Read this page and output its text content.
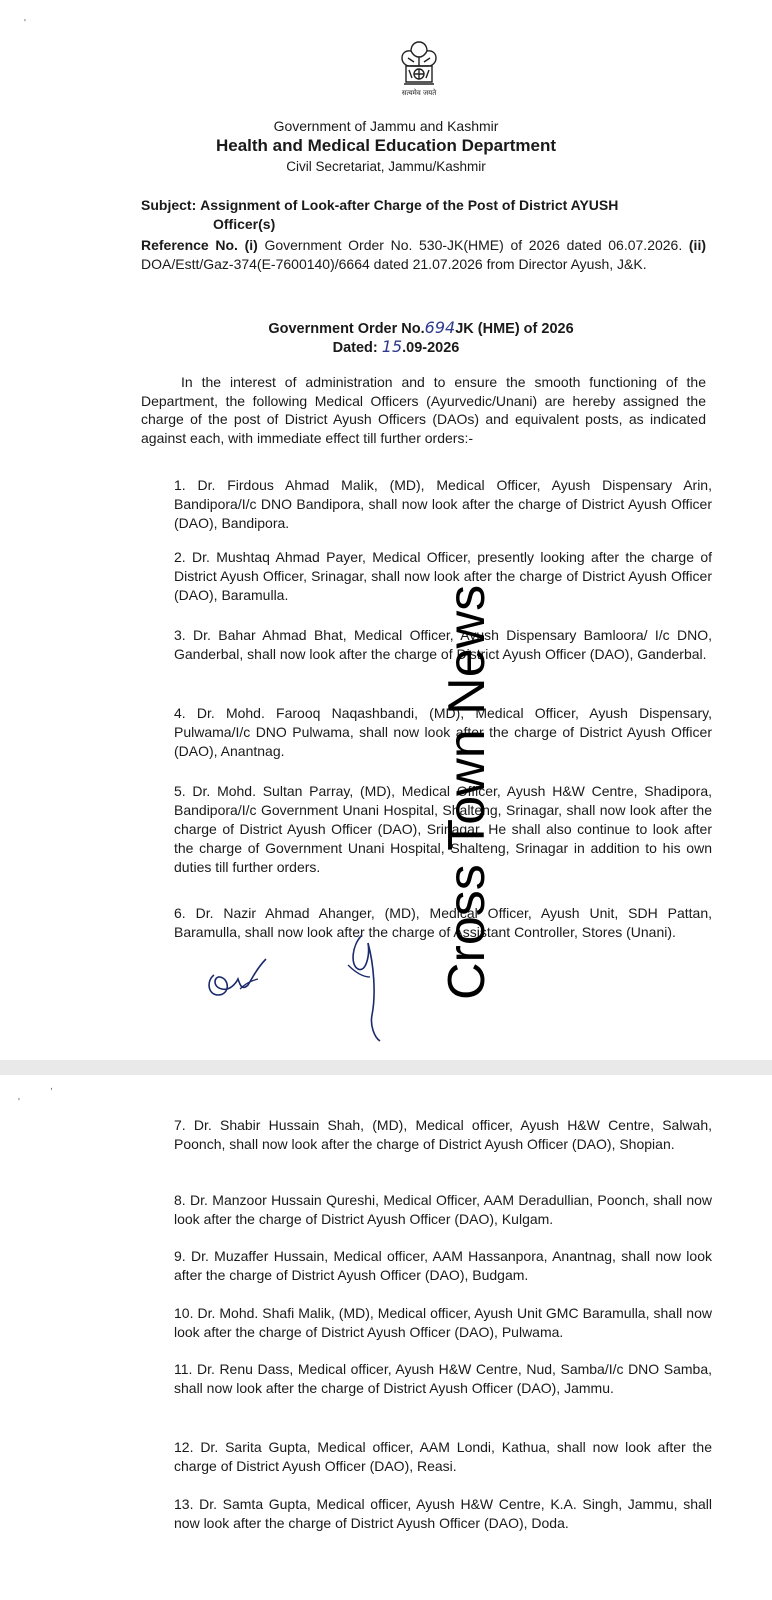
'
सत्यमेव जयते
Government of Jammu and Kashmir
Health and Medical Education Department
Civil Secretariat, Jammu/Kashmir
Subject: Assignment of Look-after Charge of the Post of District AYUSH
Officer(s)
Reference No. (i) Government Order No. 530-JK(HME) of 2026 dated 06.07.2026. (ii) DOA/Estt/Gaz-374(E-7600140)/6664 dated 21.07.2026 from Director Ayush, J&K.
Government Order No.694JK (HME) of 2026
Dated: 15.09-2026
In the interest of administration and to ensure the smooth functioning of the Department, the following Medical Officers (Ayurvedic/Unani) are hereby assigned the charge of the post of District Ayush Officers (DAOs) and equivalent posts, as indicated against each, with immediate effect till further orders:-
1. Dr. Firdous Ahmad Malik, (MD), Medical Officer, Ayush Dispensary Arin, Bandipora/I/c DNO Bandipora, shall now look after the charge of District Ayush Officer (DAO), Bandipora.
2. Dr. Mushtaq Ahmad Payer, Medical Officer, presently looking after the charge of District Ayush Officer, Srinagar, shall now look after the charge of District Ayush Officer (DAO), Baramulla.
3. Dr. Bahar Ahmad Bhat, Medical Officer, Ayush Dispensary Bamloora/ I/c DNO, Ganderbal, shall now look after the charge of District Ayush Officer (DAO), Ganderbal.
4. Dr. Mohd. Farooq Naqashbandi, (MD), Medical Officer, Ayush Dispensary, Pulwama/I/c DNO Pulwama, shall now look after the charge of District Ayush Officer (DAO), Anantnag.
5. Dr. Mohd. Sultan Parray, (MD), Medical Officer, Ayush H&W Centre, Shadipora, Bandipora/I/c Government Unani Hospital, Shalteng, Srinagar, shall now look after the charge of District Ayush Officer (DAO), Srinagar. He shall also continue to look after the charge of Government Unani Hospital, Shalteng, Srinagar in addition to his own duties till further orders.
6. Dr. Nazir Ahmad Ahanger, (MD), Medical Officer, Ayush Unit, SDH Pattan, Baramulla, shall now look after the charge of Assistant Controller, Stores (Unani).
Cross Town News
,
'
7. Dr. Shabir Hussain Shah, (MD), Medical officer, Ayush H&W Centre, Salwah, Poonch, shall now look after the charge of District Ayush Officer (DAO), Shopian.
8. Dr. Manzoor Hussain Qureshi, Medical Officer, AAM Deradullian, Poonch, shall now look after the charge of District Ayush Officer (DAO), Kulgam.
9. Dr. Muzaffer Hussain, Medical officer, AAM Hassanpora, Anantnag, shall now look after the charge of District Ayush Officer (DAO), Budgam.
10. Dr. Mohd. Shafi Malik, (MD), Medical officer, Ayush Unit GMC Baramulla, shall now look after the charge of District Ayush Officer (DAO), Pulwama.
11. Dr. Renu Dass, Medical officer, Ayush H&W Centre, Nud, Samba/I/c DNO Samba, shall now look after the charge of District Ayush Officer (DAO), Jammu.
12. Dr. Sarita Gupta, Medical officer, AAM Londi, Kathua, shall now look after the charge of District Ayush Officer (DAO), Reasi.
13. Dr. Samta Gupta, Medical officer, Ayush H&W Centre, K.A. Singh, Jammu, shall now look after the charge of District Ayush Officer (DAO), Doda.
